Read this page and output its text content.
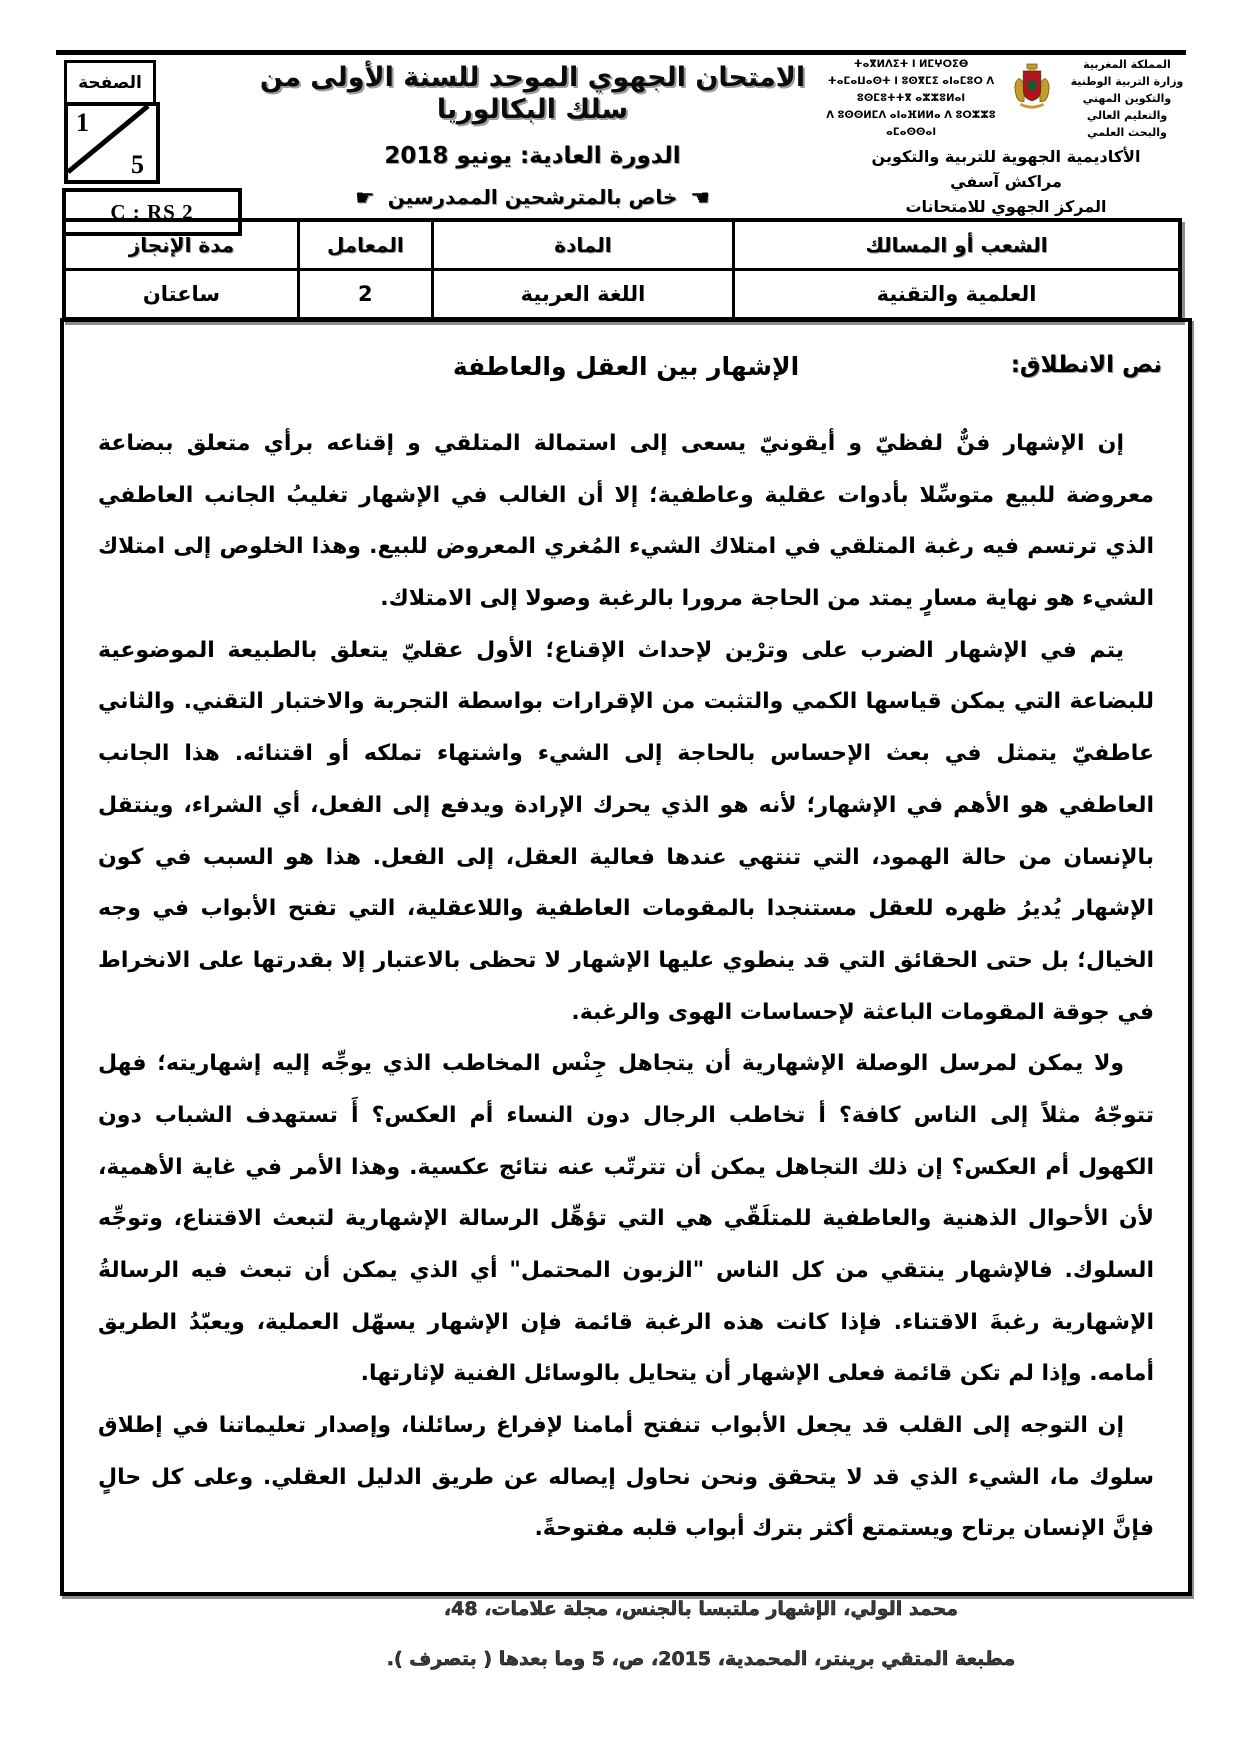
الصفحة
1
5
C : RS 2
الامتحان الجهوي الموحد للسنة الأولى من سلك البكالوريا
الدورة العادية: يونيو 2018
☚ خاص بالمترشحين الممدرسين ☛
المملكة المغربية
وزارة التربية الوطنية والتكوين المهني
والتعليم العالي والبحث العلمي
ⵜⴰⴳⵍⴷⵉⵜ ⵏ ⵍⵎⵖⵔⵉⴱ
ⵜⴰⵎⴰⵡⴰⵙⵜ ⵏ ⵓⵙⴳⵎⵉ ⴰⵏⴰⵎⵓⵔ ⴷ ⵓⵙⵎⵓⵜⵜⴳ ⴰⵣⵣⵓⵍⴰⵏ
ⴷ ⵓⵙⵙⵍⵎⴷ ⴰⵏⴰⴼⵍⵍⴰ ⴷ ⵓⵔⵣⵣⵓ ⴰⵎⴰⵙⵙⴰⵏ
الأكاديمية الجهوية للتربية والتكوين
مراكش آسفي
المركز الجهوي للامتحانات
الشعب أو المسالك	المادة	المعامل	مدة الإنجاز
العلمية والتقنية	اللغة العربية	2	ساعتان
نص الانطلاق:
الإشهار بين العقل والعاطفة

إن الإشهار فنٌّ لفظيّ و أيقونيّ يسعى إلى استمالة المتلقي و إقناعه برأي متعلق ببضاعة معروضة للبيع متوسِّلا بأدوات عقلية وعاطفية؛ إلا أن الغالب في الإشهار تغليبُ الجانب العاطفي الذي ترتسم فيه رغبة المتلقي في امتلاك الشيء المُغري المعروض للبيع. وهذا الخلوص إلى امتلاك الشيء هو نهاية مسارٍ يمتد من الحاجة مرورا بالرغبة وصولا إلى الامتلاك.

يتم في الإشهار الضرب على وترْين لإحداث الإقناع؛ الأول عقليّ يتعلق بالطبيعة الموضوعية للبضاعة التي يمكن قياسها الكمي والتثبت من الإقرارات بواسطة التجربة والاختبار التقني. والثاني عاطفيّ يتمثل في بعث الإحساس بالحاجة إلى الشيء واشتهاء تملكه أو اقتنائه. هذا الجانب العاطفي هو الأهم في الإشهار؛ لأنه هو الذي يحرك الإرادة ويدفع إلى الفعل، أي الشراء، وينتقل بالإنسان من حالة الهمود، التي تنتهي عندها فعالية العقل، إلى الفعل. هذا هو السبب في كون الإشهار يُديرُ ظهره للعقل مستنجدا بالمقومات العاطفية واللاعقلية، التي تفتح الأبواب في وجه الخيال؛ بل حتى الحقائق التي قد ينطوي عليها الإشهار لا تحظى بالاعتبار إلا بقدرتها على الانخراط في جوقة المقومات الباعثة لإحساسات الهوى والرغبة.

ولا يمكن لمرسل الوصلة الإشهارية أن يتجاهل جِنْس المخاطب الذي يوجِّه إليه إشهاريته؛ فهل تتوجّهُ مثلاً إلى الناس كافة؟ أ تخاطب الرجال دون النساء أم العكس؟ أَ تستهدف الشباب دون الكهول أم العكس؟ إن ذلك التجاهل يمكن أن تترتّب عنه نتائج عكسية. وهذا الأمر في غاية الأهمية، لأن الأحوال الذهنية والعاطفية للمتلَقّي هي التي تؤهِّل الرسالة الإشهارية لتبعث الاقتناع، وتوجِّه السلوك. فالإشهار ينتقي من كل الناس "الزبون المحتمل" أي الذي يمكن أن تبعث فيه الرسالةُ الإشهارية رغبةَ الاقتناء. فإذا كانت هذه الرغبة قائمة فإن الإشهار يسهّل العملية، ويعبّدُ الطريق أمامه. وإذا لم تكن قائمة فعلى الإشهار أن يتحايل بالوسائل الفنية لإثارتها.

إن التوجه إلى القلب قد يجعل الأبواب تنفتح أمامنا لإفراغ رسائلنا، وإصدار تعليماتنا في إطلاق سلوك ما، الشيء الذي قد لا يتحقق ونحن نحاول إيصاله عن طريق الدليل العقلي. وعلى كل حالٍ فإنَّ الإنسان يرتاح ويستمتع أكثر بترك أبواب قلبه مفتوحةً.

محمد الولي، الإشهار ملتبسا بالجنس، مجلة علامات، 48،
مطبعة المتقي برينتر، المحمدية، 2015، ص، 5 وما بعدها ( بتصرف ).
